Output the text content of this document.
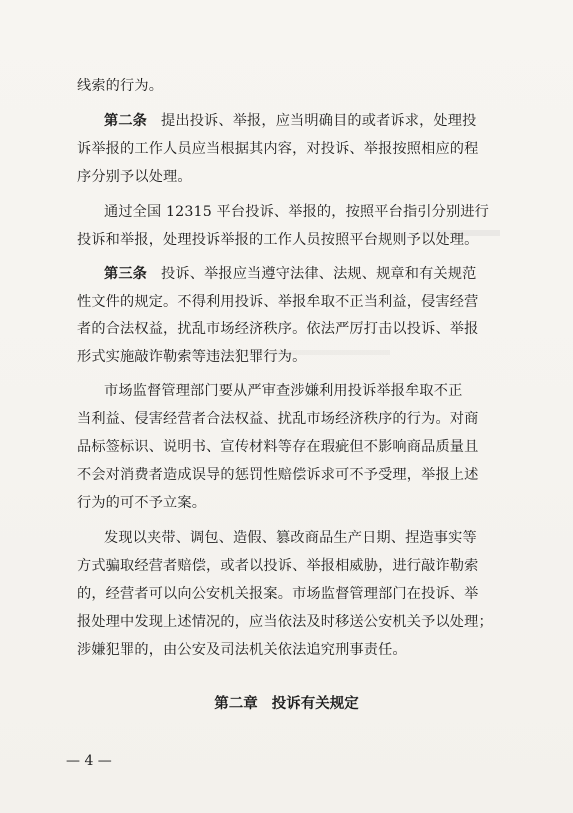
线索的行为。
第二条 提出投诉、举报，应当明确目的或者诉求，处理投
诉举报的工作人员应当根据其内容，对投诉、举报按照相应的程
序分别予以处理。
通过全国 12315 平台投诉、举报的，按照平台指引分别进行
投诉和举报，处理投诉举报的工作人员按照平台规则予以处理。
第三条 投诉、举报应当遵守法律、法规、规章和有关规范
性文件的规定。不得利用投诉、举报牟取不正当利益，侵害经营
者的合法权益，扰乱市场经济秩序。依法严厉打击以投诉、举报
形式实施敲诈勒索等违法犯罪行为。
市场监督管理部门要从严审查涉嫌利用投诉举报牟取不正
当利益、侵害经营者合法权益、扰乱市场经济秩序的行为。对商
品标签标识、说明书、宣传材料等存在瑕疵但不影响商品质量且
不会对消费者造成误导的惩罚性赔偿诉求可不予受理，举报上述
行为的可不予立案。
发现以夹带、调包、造假、篡改商品生产日期、捏造事实等
方式骗取经营者赔偿，或者以投诉、举报相威胁，进行敲诈勒索
的，经营者可以向公安机关报案。市场监督管理部门在投诉、举
报处理中发现上述情况的，应当依法及时移送公安机关予以处理；
涉嫌犯罪的，由公安及司法机关依法追究刑事责任。
第二章 投诉有关规定
— 4 —
